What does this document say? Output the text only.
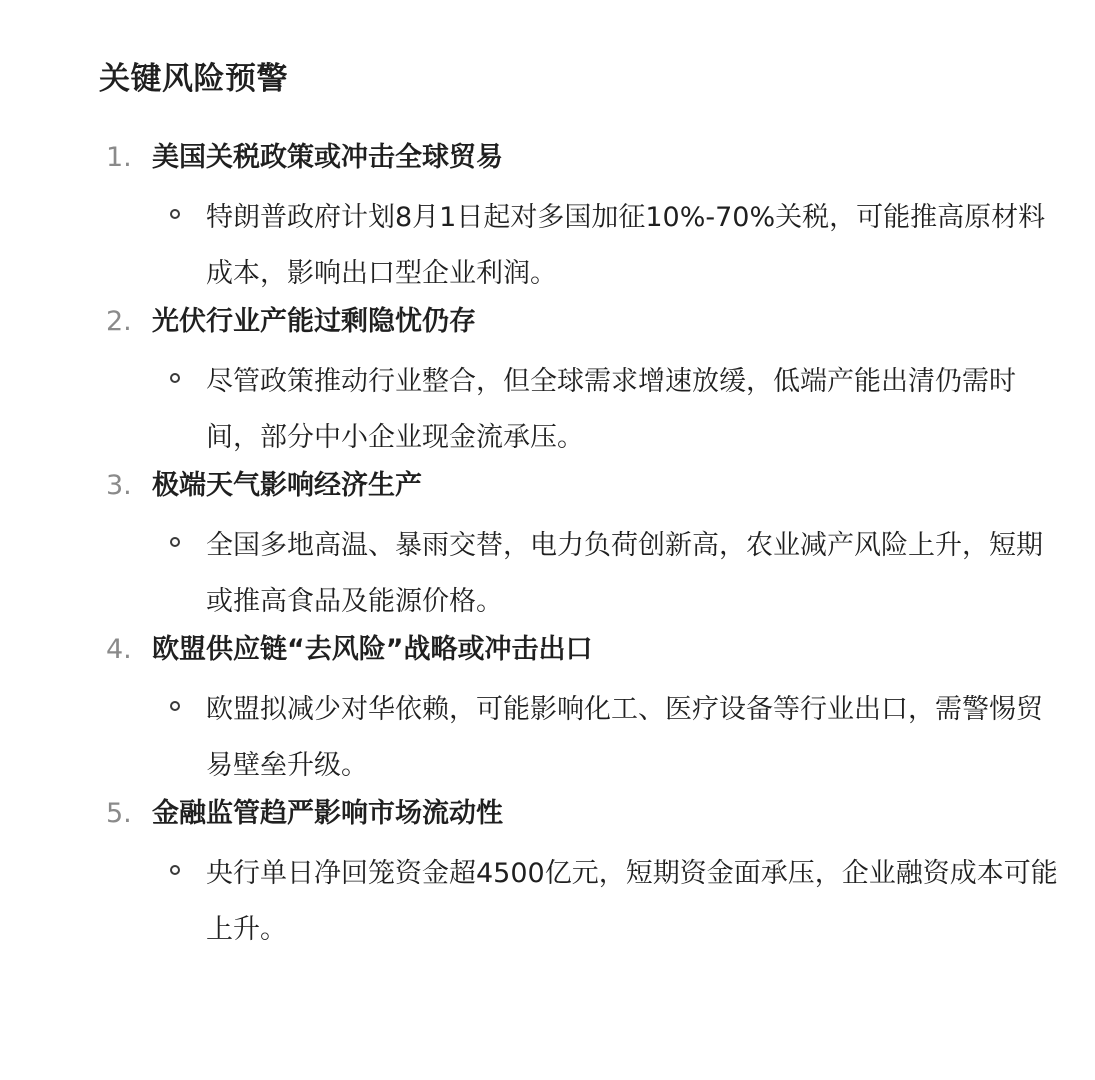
关键风险预警
1. 美国关税政策或冲击全球贸易
特朗普政府计划8月1日起对多国加征10%-70%关税，可能推高原材料成本，影响出口型企业利润。
2. 光伏行业产能过剩隐忧仍存
尽管政策推动行业整合，但全球需求增速放缓，低端产能出清仍需时间，部分中小企业现金流承压。
3. 极端天气影响经济生产
全国多地高温、暴雨交替，电力负荷创新高，农业减产风险上升，短期或推高食品及能源价格。
4. 欧盟供应链“去风险”战略或冲击出口
欧盟拟减少对华依赖，可能影响化工、医疗设备等行业出口，需警惕贸易壁垒升级。
5. 金融监管趋严影响市场流动性
央行单日净回笼资金超4500亿元，短期资金面承压，企业融资成本可能上升。
